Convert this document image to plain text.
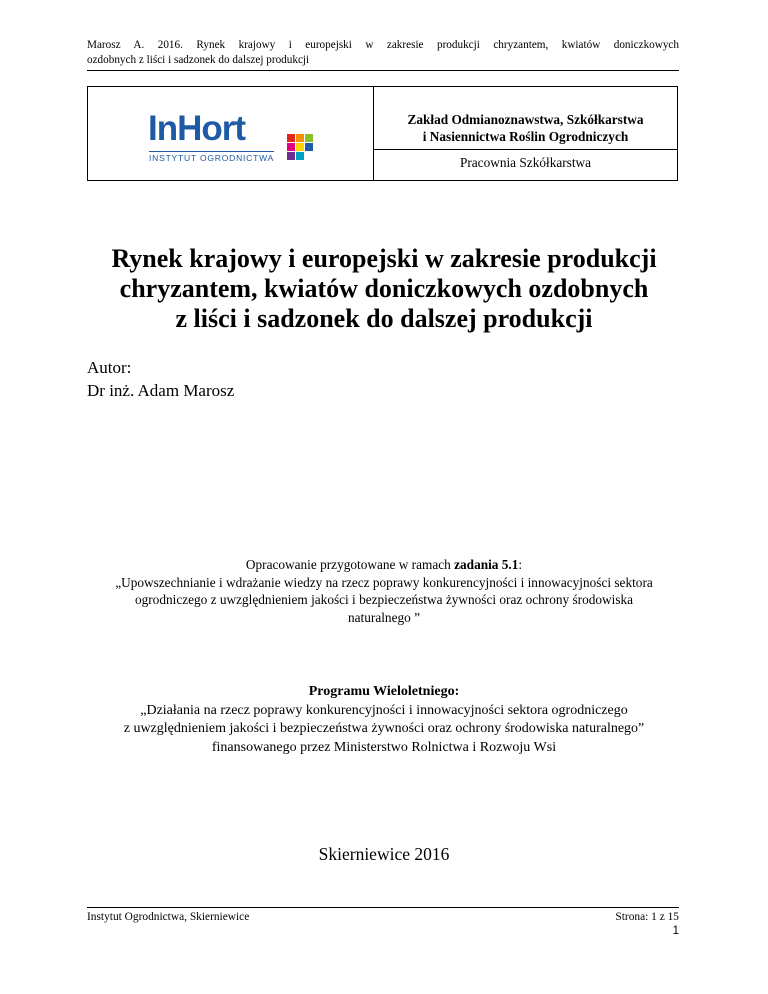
Marosz A. 2016. Rynek krajowy i europejski w zakresie produkcji chryzantem, kwiatów doniczkowych
ozdobnych z liści i sadzonek do dalszej produkcji
InHort
INSTYTUT OGRODNICTWA
Zakład Odmianoznawstwa, Szkółkarstwa
i Nasiennictwa Roślin Ogrodniczych
Pracownia Szkółkarstwa
Rynek krajowy i europejski w zakresie produkcji
chryzantem, kwiatów doniczkowych ozdobnych
z liści i sadzonek do dalszej produkcji
Autor:
Dr inż. Adam Marosz
Opracowanie przygotowane w ramach zadania 5.1:
„Upowszechnianie i wdrażanie wiedzy na rzecz poprawy konkurencyjności i innowacyjności sektora
ogrodniczego z uwzględnieniem jakości i bezpieczeństwa żywności oraz ochrony środowiska
naturalnego ”
Programu Wieloletniego:
„Działania na rzecz poprawy konkurencyjności i innowacyjności sektora ogrodniczego
z uwzględnieniem jakości i bezpieczeństwa żywności oraz ochrony środowiska naturalnego”
finansowanego przez Ministerstwo Rolnictwa i Rozwoju Wsi
Skierniewice 2016
Instytut Ogrodnictwa, Skierniewice	Strona: 1 z 15
1
